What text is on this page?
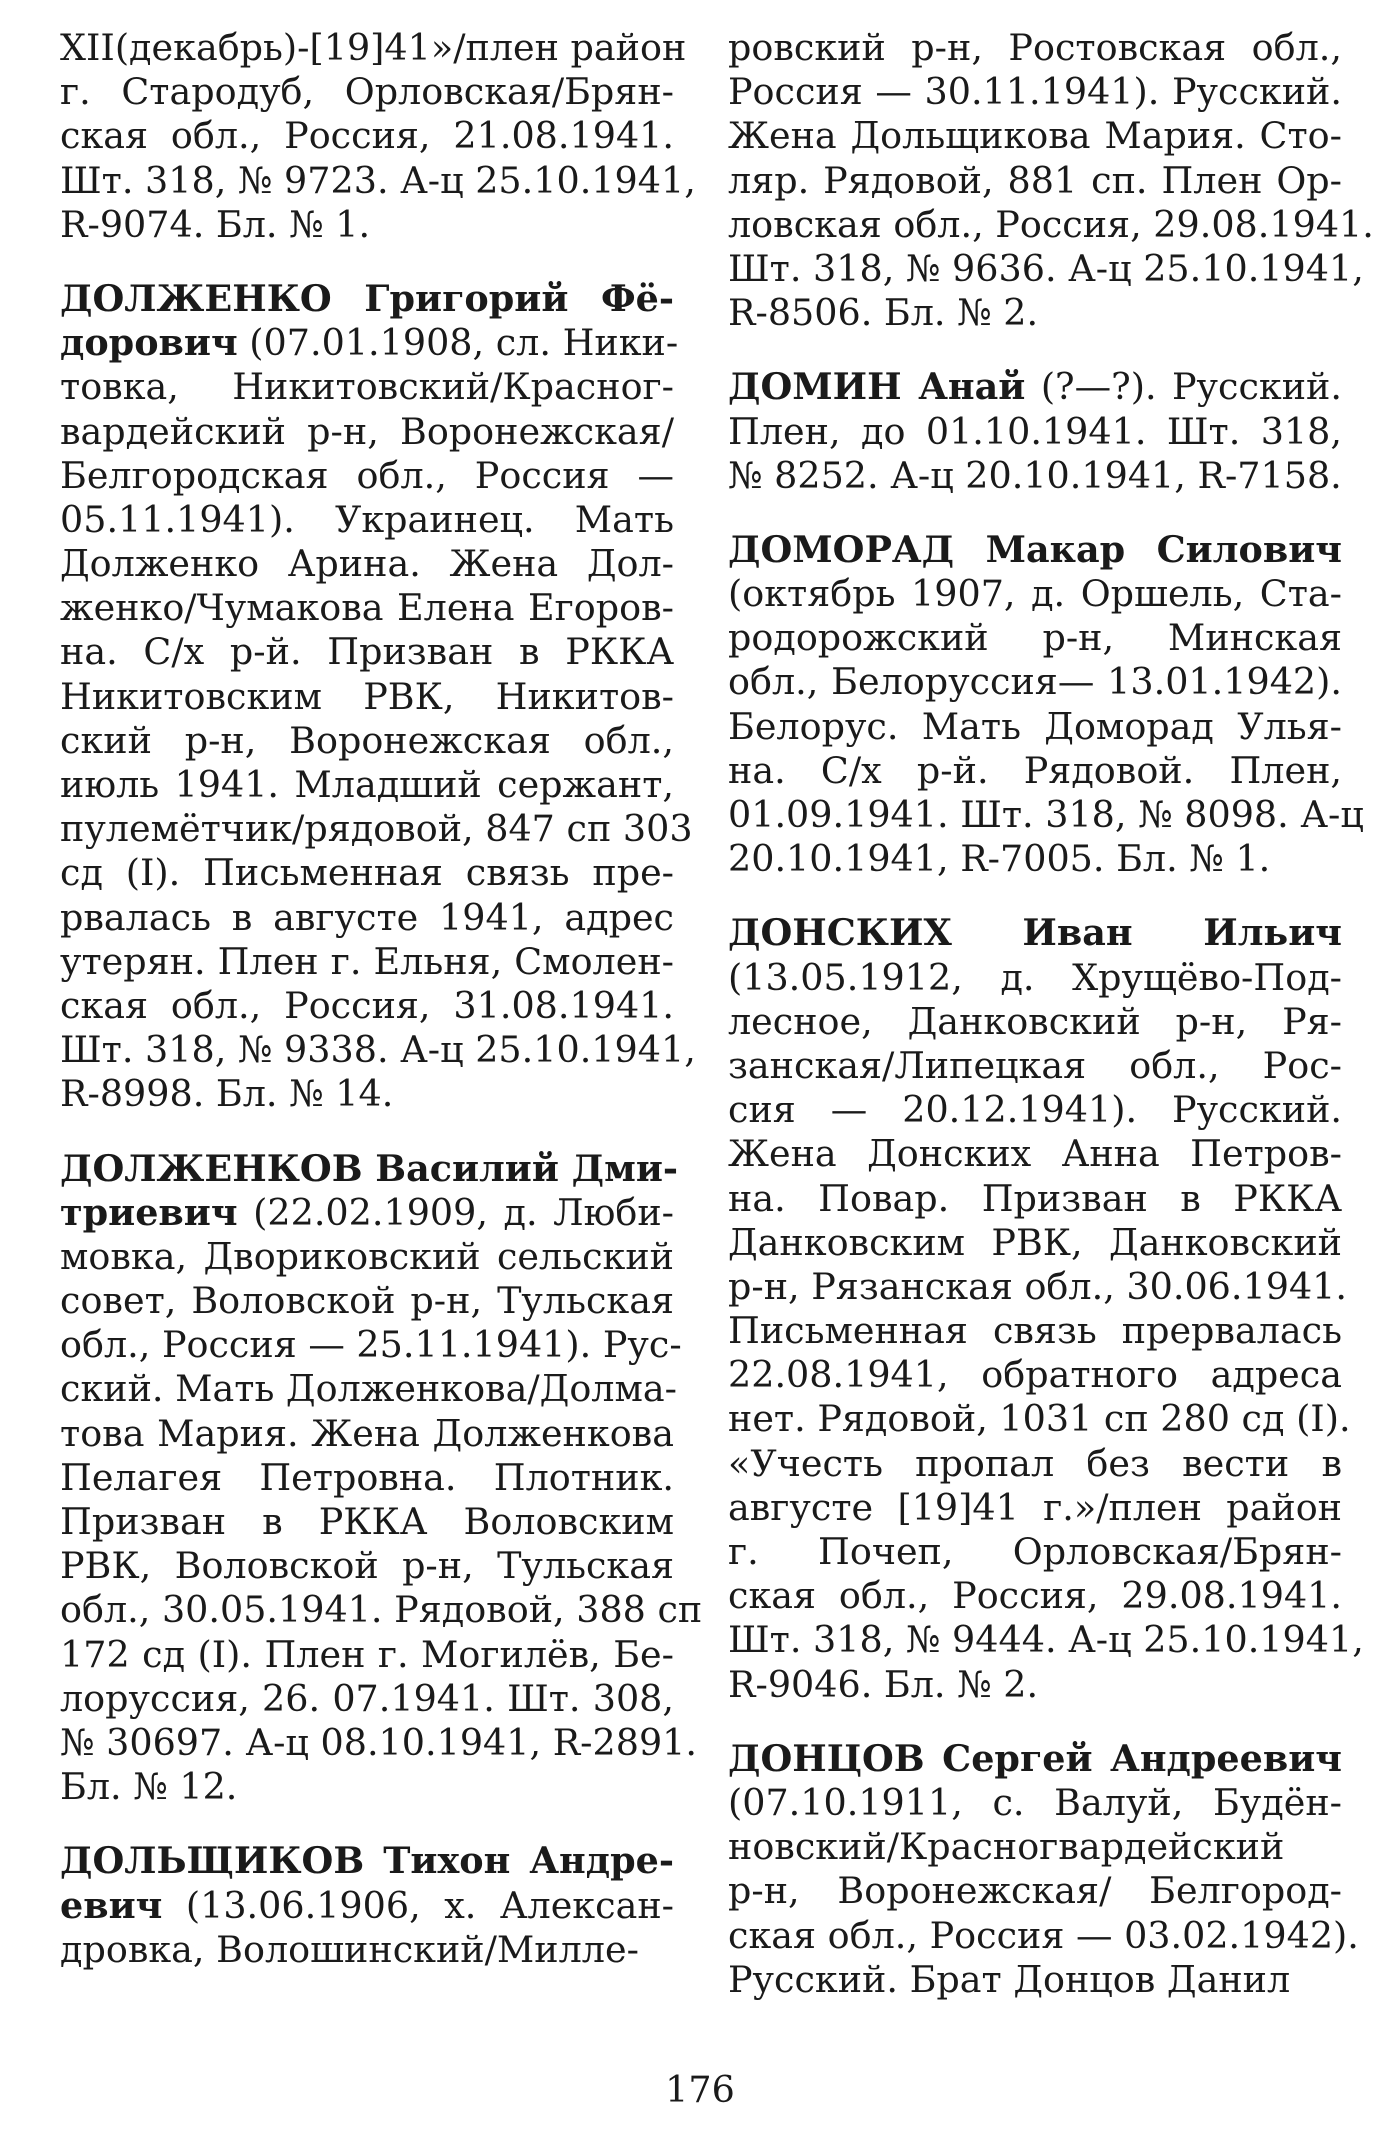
XII(декабрь)-[19]41»/плен район
г. Стародуб, Орловская/Брян-
ская обл., Россия, 21.08.1941.
Шт. 318, № 9723. А-ц 25.10.1941,
R-9074. Бл. № 1.
ДОЛЖЕНКО Григорий Фё-
дорович (07.01.1908, сл. Ники-
товка, Никитовский/Красног-
вардейский р-н, Воронежская/
Белгородская обл., Россия —
05.11.1941). Украинец. Мать
Долженко Арина. Жена Дол-
женко/Чумакова Елена Егоров-
на. С/х р-й. Призван в РККА
Никитовским РВК, Никитов-
ский р-н, Воронежская обл.,
июль 1941. Младший сержант,
пулемётчик/рядовой, 847 сп 303
сд (I). Письменная связь пре-
рвалась в августе 1941, адрес
утерян. Плен г. Ельня, Смолен-
ская обл., Россия, 31.08.1941.
Шт. 318, № 9338. А-ц 25.10.1941,
R-8998. Бл. № 14.
ДОЛЖЕНКОВ Василий Дми-
триевич (22.02.1909, д. Люби-
мовка, Двориковский сельский
совет, Воловской р-н, Тульская
обл., Россия — 25.11.1941). Рус-
ский. Мать Долженкова/Долма-
това Мария. Жена Долженкова
Пелагея Петровна. Плотник.
Призван в РККА Воловским
РВК, Воловской р-н, Тульская
обл., 30.05.1941. Рядовой, 388 сп
172 сд (I). Плен г. Могилёв, Бе-
лоруссия, 26. 07.1941. Шт. 308,
№ 30697. А-ц 08.10.1941, R-2891.
Бл. № 12.
ДОЛЬЩИКОВ Тихон Андре-
евич (13.06.1906, х. Алексан-
дровка, Волошинский/Милле-
ровский р-н, Ростовская обл.,
Россия — 30.11.1941). Русский.
Жена Дольщикова Мария. Сто-
ляр. Рядовой, 881 сп. Плен Ор-
ловская обл., Россия, 29.08.1941.
Шт. 318, № 9636. А-ц 25.10.1941,
R-8506. Бл. № 2.
ДОМИН Анай (?—?). Русский.
Плен, до 01.10.1941. Шт. 318,
№ 8252. А-ц 20.10.1941, R-7158.
ДОМОРАД Макар Силович
(октябрь 1907, д. Оршель, Ста-
родорожский р-н, Минская
обл., Белоруссия— 13.01.1942).
Белорус. Мать Доморад Улья-
на. С/х р-й. Рядовой. Плен,
01.09.1941. Шт. 318, № 8098. А-ц
20.10.1941, R-7005. Бл. № 1.
ДОНСКИХ Иван Ильич
(13.05.1912, д. Хрущёво-Под-
лесное, Данковский р-н, Ря-
занская/Липецкая обл., Рос-
сия — 20.12.1941). Русский.
Жена Донских Анна Петров-
на. Повар. Призван в РККА
Данковским РВК, Данковский
р-н, Рязанская обл., 30.06.1941.
Письменная связь прервалась
22.08.1941, обратного адреса
нет. Рядовой, 1031 сп 280 сд (I).
«Учесть пропал без вести в
августе [19]41 г.»/плен район
г. Почеп, Орловская/Брян-
ская обл., Россия, 29.08.1941.
Шт. 318, № 9444. А-ц 25.10.1941,
R-9046. Бл. № 2.
ДОНЦОВ Сергей Андреевич
(07.10.1911, с. Валуй, Будён-
новский/Красногвардейский
р-н, Воронежская/ Белгород-
ская обл., Россия — 03.02.1942).
Русский. Брат Донцов Данил
176
